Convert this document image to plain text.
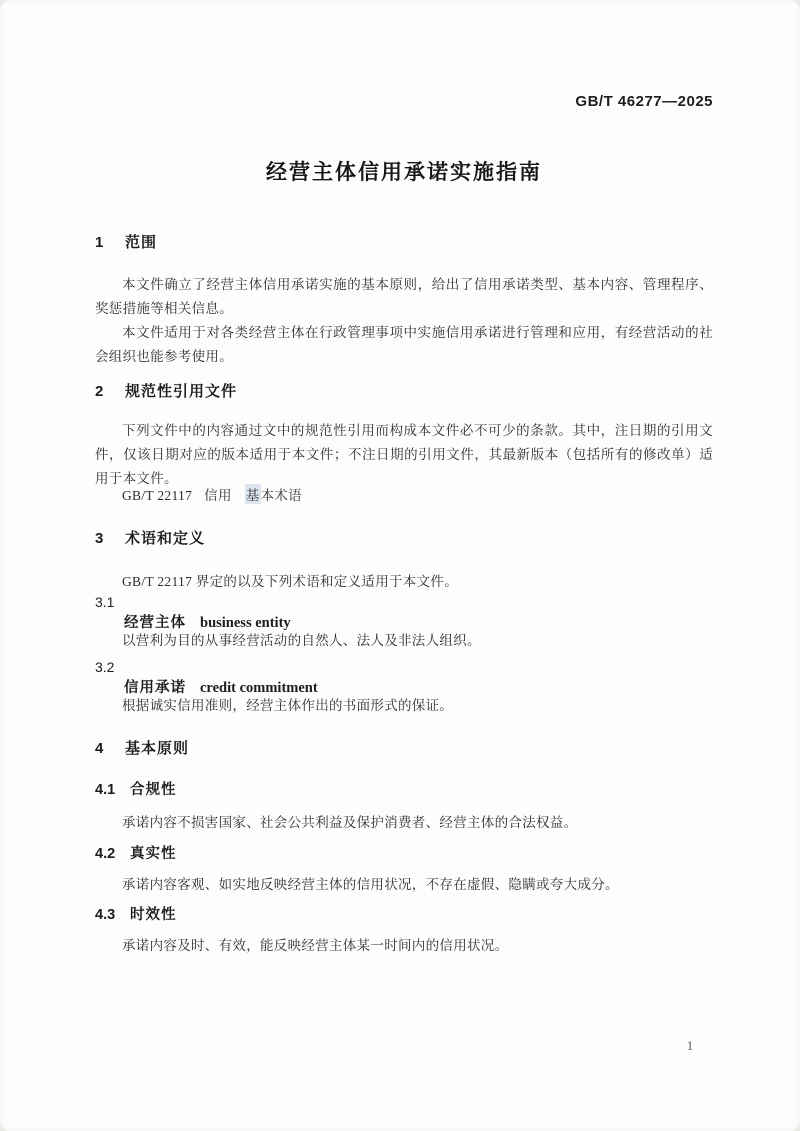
GB/T 46277—2025
经营主体信用承诺实施指南
1 范围

本文件确立了经营主体信用承诺实施的基本原则，给出了信用承诺类型、基本内容、管理程序、奖惩措施等相关信息。

本文件适用于对各类经营主体在行政管理事项中实施信用承诺进行管理和应用，有经营活动的社会组织也能参考使用。

2 规范性引用文件

下列文件中的内容通过文中的规范性引用而构成本文件必不可少的条款。其中，注日期的引用文件，仅该日期对应的版本适用于本文件；不注日期的引用文件，其最新版本（包括所有的修改单）适用于本文件。

GB/T 22117 信用 基本术语

3 术语和定义

GB/T 22117 界定的以及下列术语和定义适用于本文件。

3.1

经营主体 business entity

以营利为目的从事经营活动的自然人、法人及非法人组织。

3.2

信用承诺 credit commitment

根据诚实信用准则，经营主体作出的书面形式的保证。

4 基本原则
4.1 合规性

承诺内容不损害国家、社会公共利益及保护消费者、经营主体的合法权益。

4.2 真实性

承诺内容客观、如实地反映经营主体的信用状况，不存在虚假、隐瞒或夸大成分。

4.3 时效性

承诺内容及时、有效，能反映经营主体某一时间内的信用状况。

1
